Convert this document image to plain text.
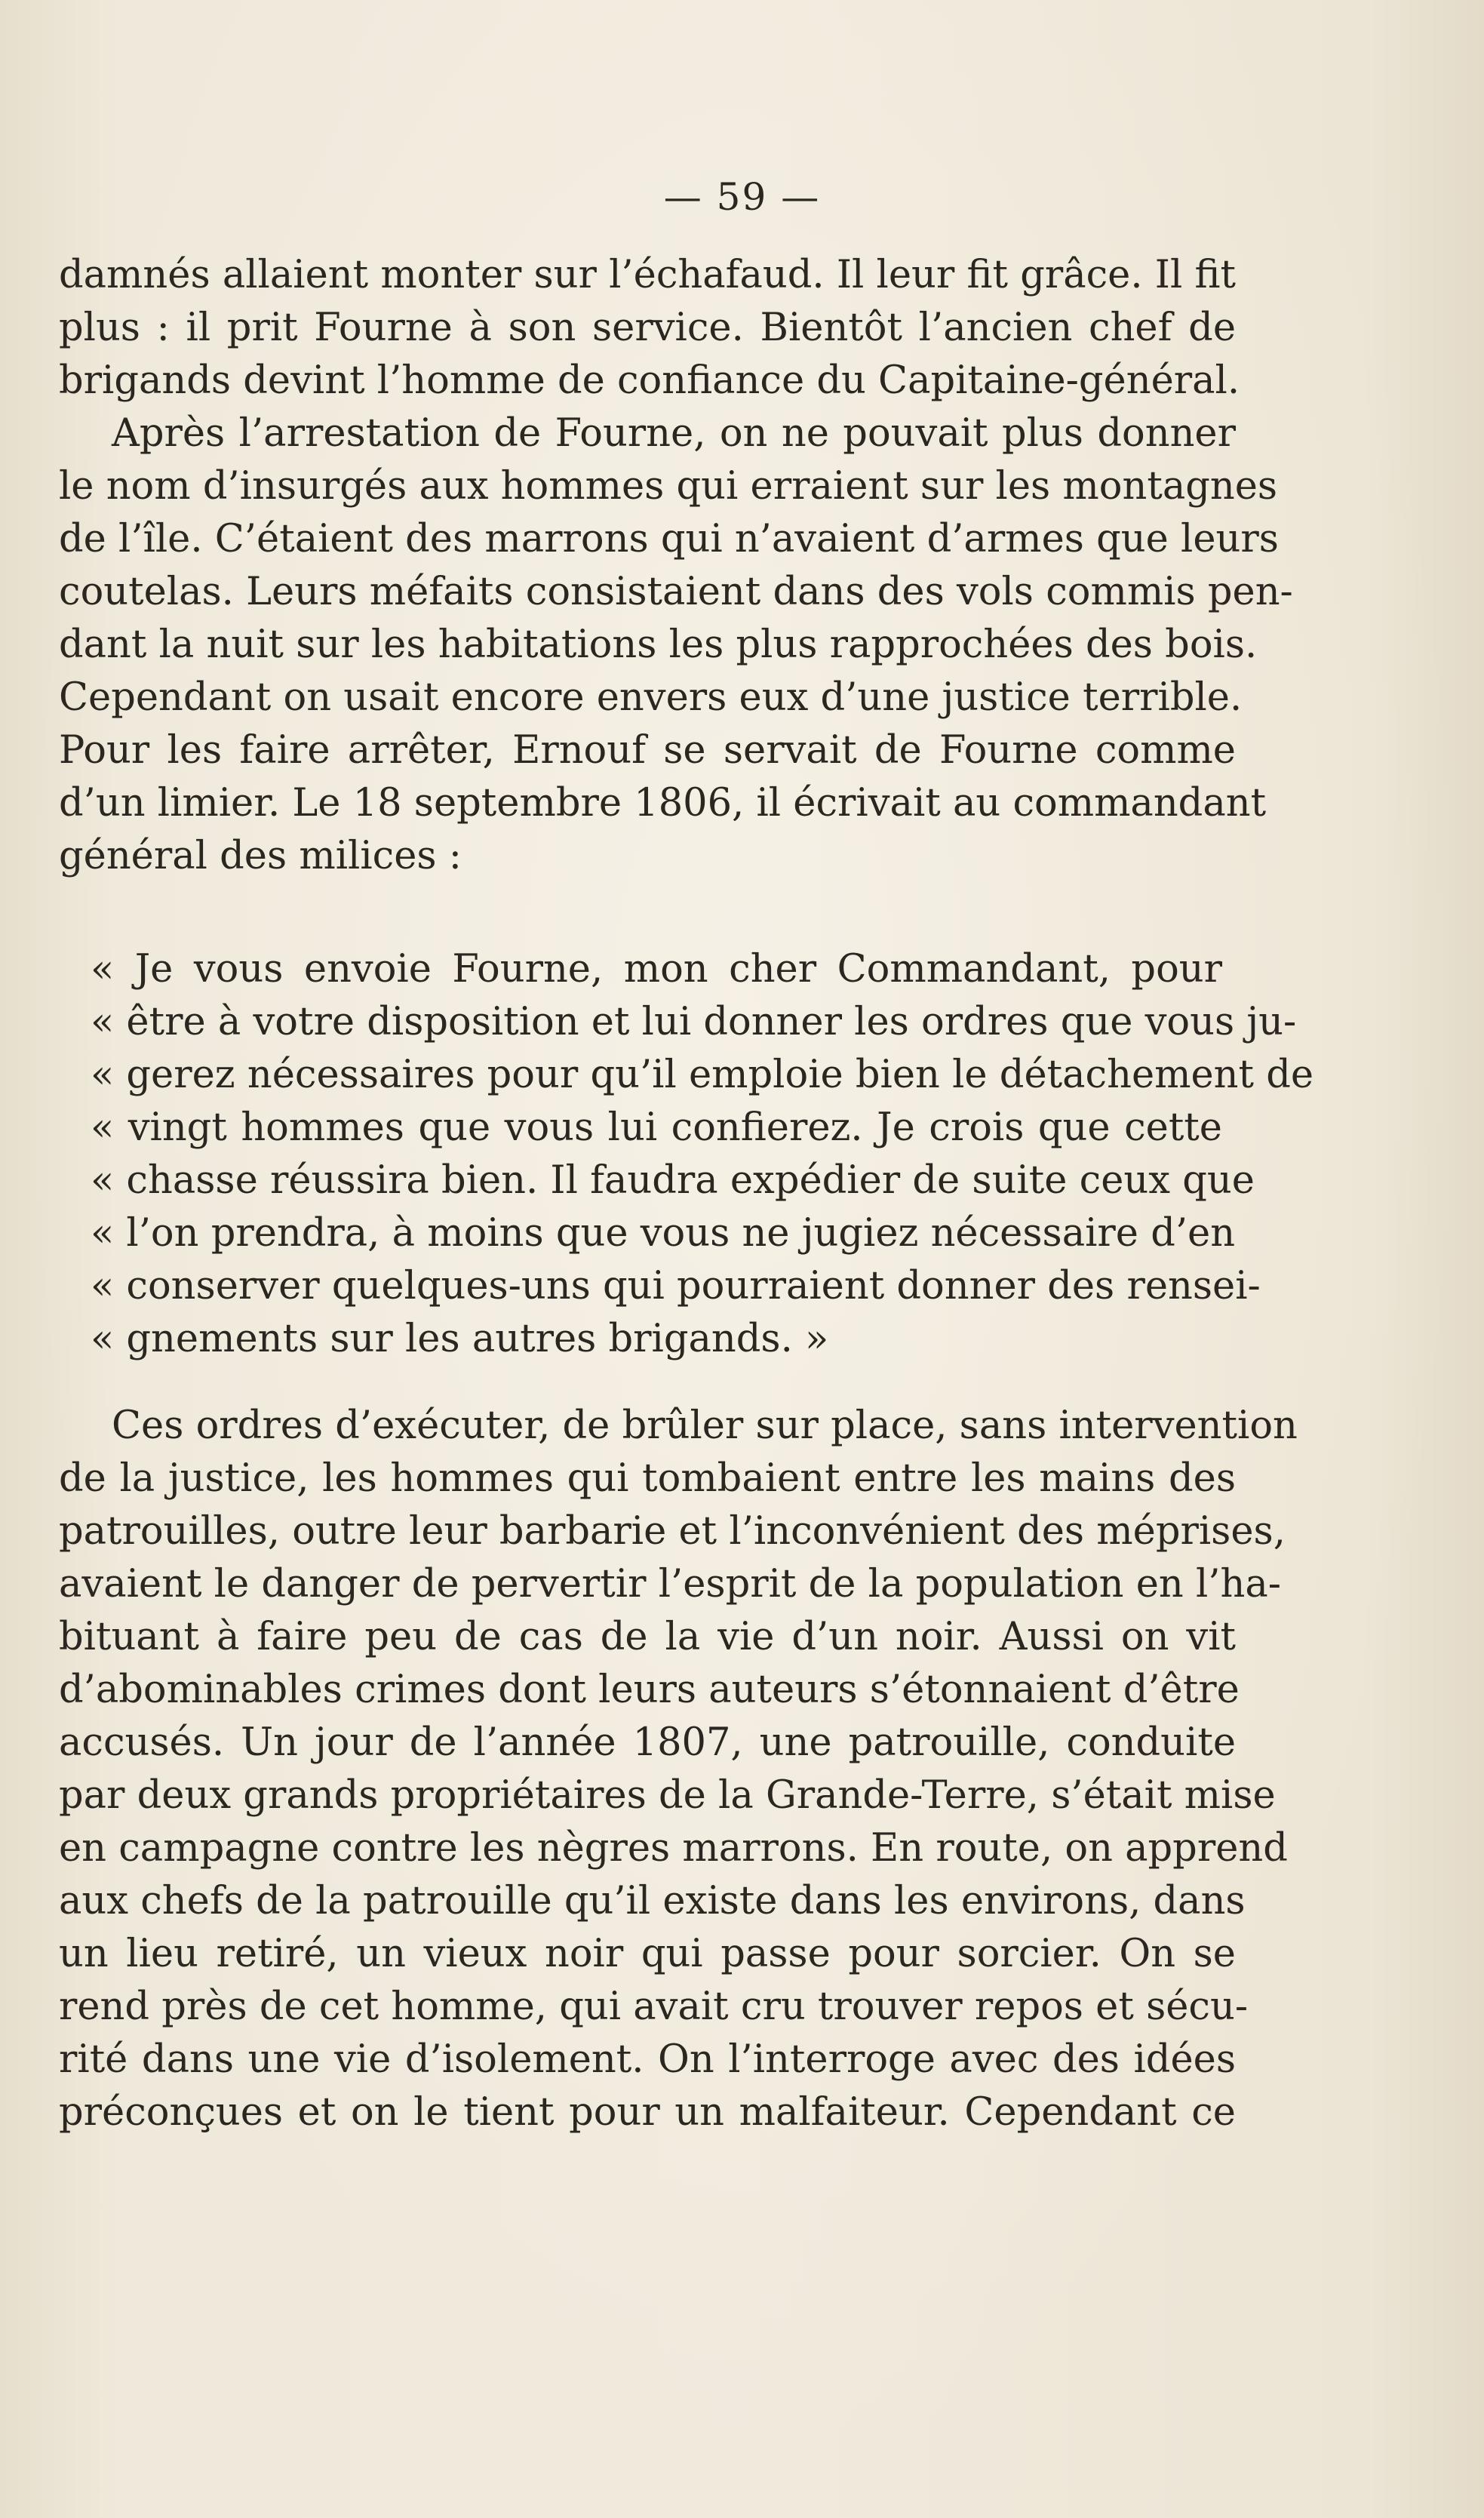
— 59 —
damnés allaient monter sur l’échafaud. Il leur fit grâce. Il fit
plus : il prit Fourne à son service. Bientôt l’ancien chef de
brigands devint l’homme de confiance du Capitaine-général.
Après l’arrestation de Fourne, on ne pouvait plus donner
le nom d’insurgés aux hommes qui erraient sur les montagnes
de l’île. C’étaient des marrons qui n’avaient d’armes que leurs
coutelas. Leurs méfaits consistaient dans des vols commis pen-
dant la nuit sur les habitations les plus rapprochées des bois.
Cependant on usait encore envers eux d’une justice terrible.
Pour les faire arrêter, Ernouf se servait de Fourne comme
d’un limier. Le 18 septembre 1806, il écrivait au commandant
général des milices :
« Je vous envoie Fourne, mon cher Commandant, pour
« être à votre disposition et lui donner les ordres que vous ju-
« gerez nécessaires pour qu’il emploie bien le détachement de
« vingt hommes que vous lui confierez. Je crois que cette
« chasse réussira bien. Il faudra expédier de suite ceux que
« l’on prendra, à moins que vous ne jugiez nécessaire d’en
« conserver quelques-uns qui pourraient donner des rensei-
« gnements sur les autres brigands. »
Ces ordres d’exécuter, de brûler sur place, sans intervention
de la justice, les hommes qui tombaient entre les mains des
patrouilles, outre leur barbarie et l’inconvénient des méprises,
avaient le danger de pervertir l’esprit de la population en l’ha-
bituant à faire peu de cas de la vie d’un noir. Aussi on vit
d’abominables crimes dont leurs auteurs s’étonnaient d’être
accusés. Un jour de l’année 1807, une patrouille, conduite
par deux grands propriétaires de la Grande-Terre, s’était mise
en campagne contre les nègres marrons. En route, on apprend
aux chefs de la patrouille qu’il existe dans les environs, dans
un lieu retiré, un vieux noir qui passe pour sorcier. On se
rend près de cet homme, qui avait cru trouver repos et sécu-
rité dans une vie d’isolement. On l’interroge avec des idées
préconçues et on le tient pour un malfaiteur. Cependant ce
